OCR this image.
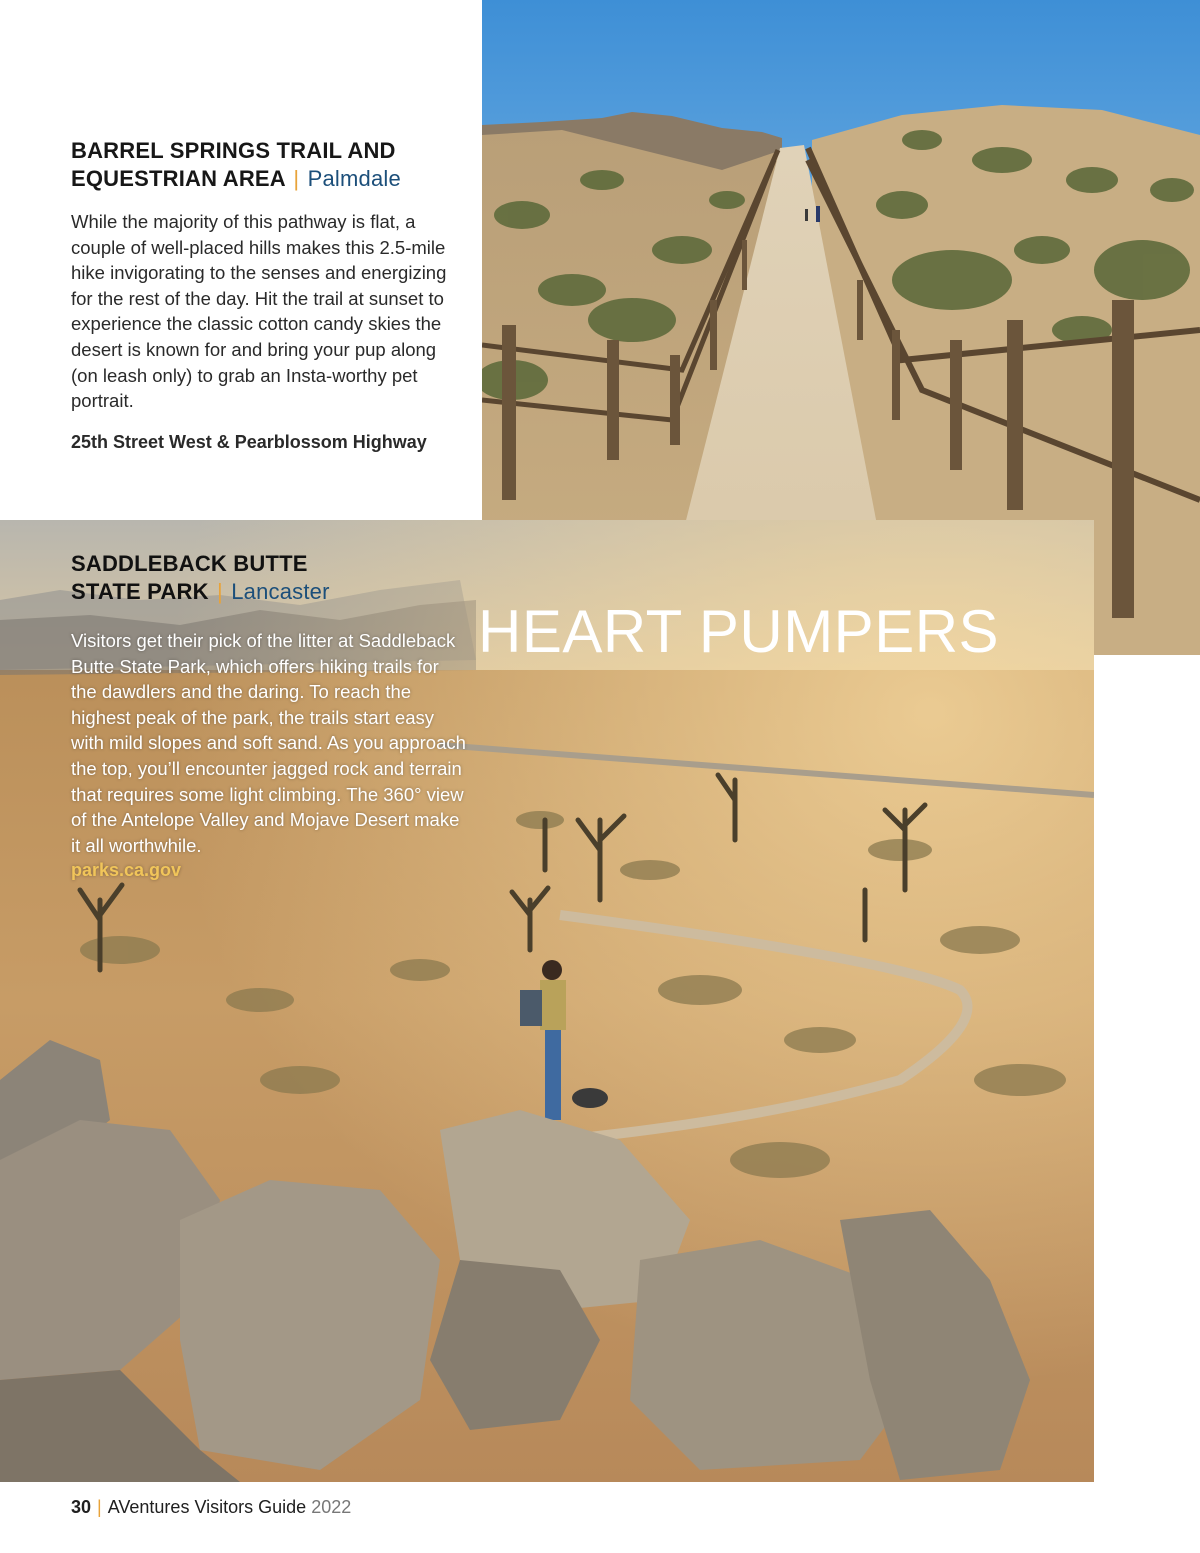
BARREL SPRINGS TRAIL AND
EQUESTRIAN AREA | Palmdale

While the majority of this pathway is flat, a couple of well-placed hills makes this 2.5-mile hike invigorating to the senses and energizing for the rest of the day. Hit the trail at sunset to experience the classic cotton candy skies the desert is known for and bring your pup along (on leash only) to grab an Insta-worthy pet portrait.

25th Street West & Pearblossom Highway

SADDLEBACK BUTTE
STATE PARK | Lancaster

Visitors get their pick of the litter at Saddleback Butte State Park, which offers hiking trails for the dawdlers and the daring. To reach the highest peak of the park, the trails start easy with mild slopes and soft sand. As you approach the top, you’ll encounter jagged rock and terrain that requires some light climbing. The 360° view of the Antelope Valley and Mojave Desert make it all worthwhile.

parks.ca.gov
HEART PUMPERS
30 | AVentures Visitors Guide 2022
